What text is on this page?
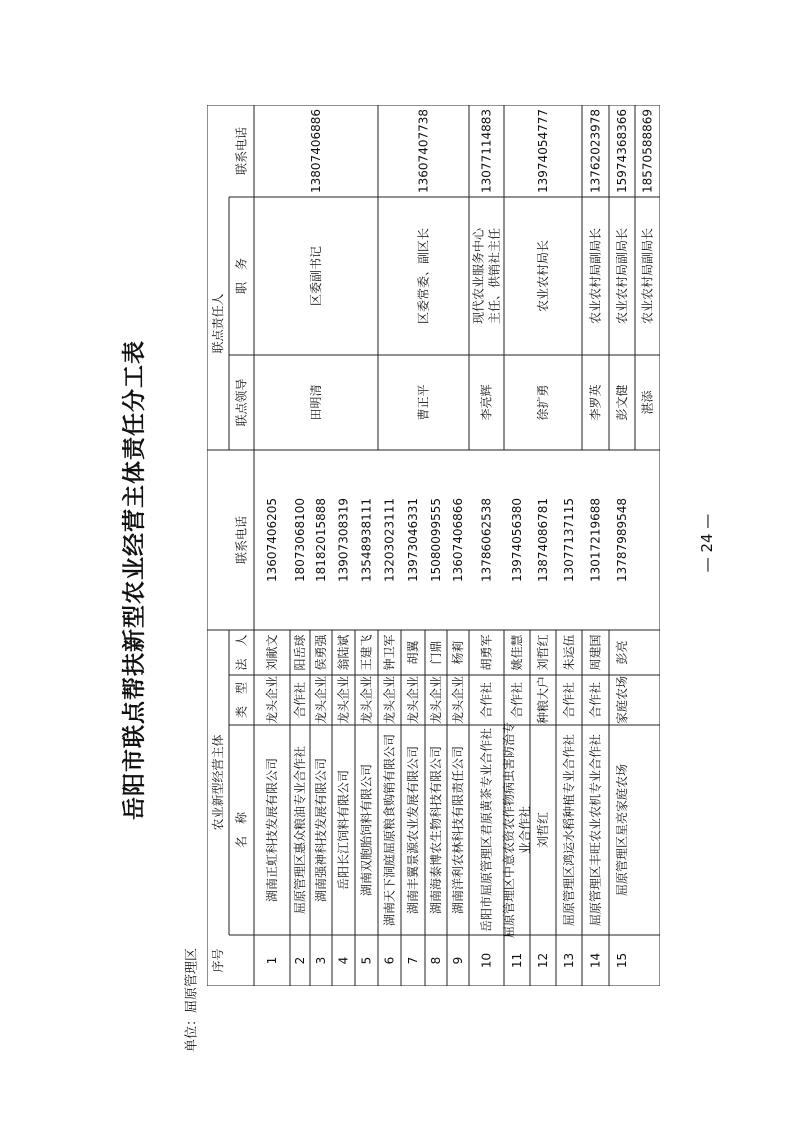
岳阳市联点帮扶新型农业经营主体责任分工表
单位：屈原管理区
— 24 —
序号
农业新型经营主体
联点责任人
名　称
类　型
法　人
联系电话
联点领导
职　务
联系电话
1
湖南正虹科技发展有限公司
龙头企业
刘献文
13607406205
2
屈原管理区惠众粮油专业合作社
合作社
阳岳球
18073068100
3
湖南强神科技发展有限公司
龙头企业
侯勇强
18182015888
4
岳阳长江饲料有限公司
龙头企业
翁陆斌
13907308319
5
湖南双胞胎饲料有限公司
龙头企业
王建飞
13548938111
6
湖南天下洞庭屈原粮食购销有限公司
龙头企业
钟卫军
13203023111
7
湖南丰翼景源农业发展有限公司
龙头企业
胡翼
13973046331
8
湖南海泰博农生物科技有限公司
龙头企业
门鼎
15080099555
9
湖南洋利农林科技有限责任公司
龙头企业
杨莉
13607406866
10
岳阳市屈原管理区君原黄茶专业合作社
合作社
胡勇军
13786062538
11
屈原管理区中意农资农作物病虫害防治专 业合作社
合作社
姚佳慧
13974056380
12
刘哲红
种粮大户
刘哲红
13874086781
13
屈原管理区鸿运水稻种植专业合作社
合作社
朱运伍
13077137115
14
屈原管理区丰旺农业农机专业合作社
合作社
周建国
13017219688
15
屈原管理区星亮家庭农场
家庭农场
彭亮
13787989548
田明清
区委副书记
13807406886
曹正平
区委常委、副区长
13607407738
李亮辉
现代农业服务中心 主任、供销社主任
13077114883
徐扩勇
农业农村局长
13974054777
李罗英
农业农村局副局长
13762023978
彭文健
农业农村局副局长
15974368366
湛添
农业农村局副局长
18570588869
